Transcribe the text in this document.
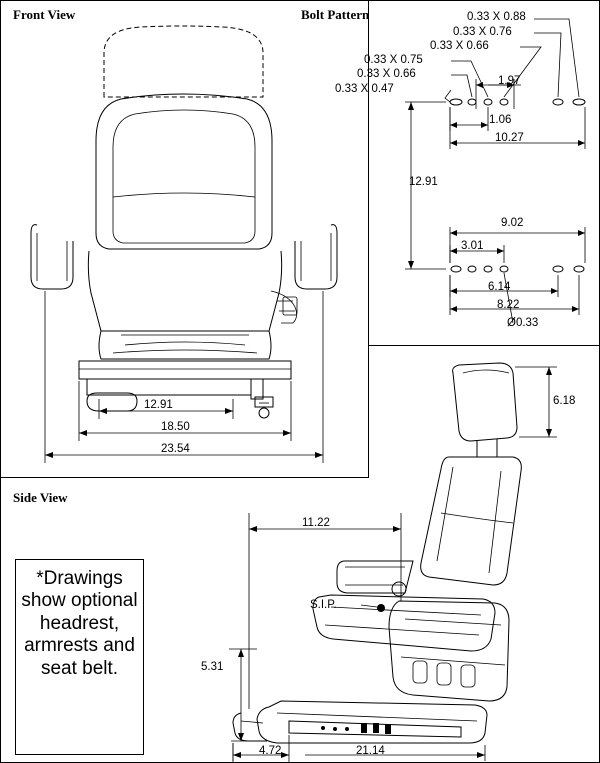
Front View	Bolt Pattern
Side View
12.91
18.50
23.54
0.33 X 0.88
0.33 X 0.76
0.33 X 0.66
0.33 X 0.75
0.33 X 0.66
0.33 X 0.47
1.97
1.06
10.27
12.91
9.02
3.01
6.14
8.22
Ø0.33
6.18
11.22
5.31
4.72	21.14
S.I.P.
*Drawings show optional headrest, armrests and seat belt.
